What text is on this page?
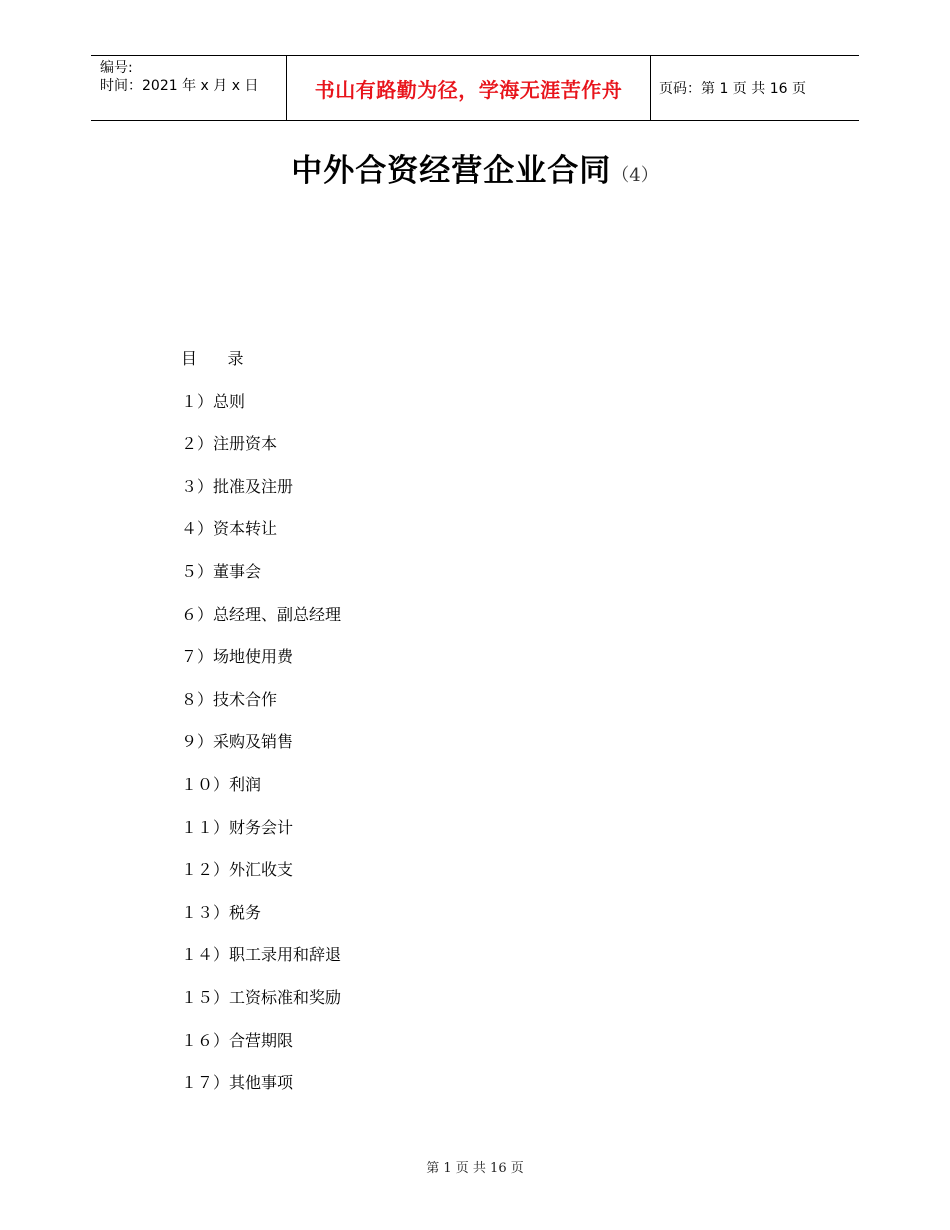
编号:
时间：2021 年 x 月 x 日	书山有路勤为径，学海无涯苦作舟	页码：第 1 页 共 16 页
中外合资经营企业合同（4）
目      录
１）总则
２）注册资本
３）批准及注册
４）资本转让
５）董事会
６）总经理、副总经理
７）场地使用费
８）技术合作
９）采购及销售
１０）利润
１１）财务会计
１２）外汇收支
１３）税务
１４）职工录用和辞退
１５）工资标准和奖励
１６）合营期限
１７）其他事项
第 1 页 共 16 页
